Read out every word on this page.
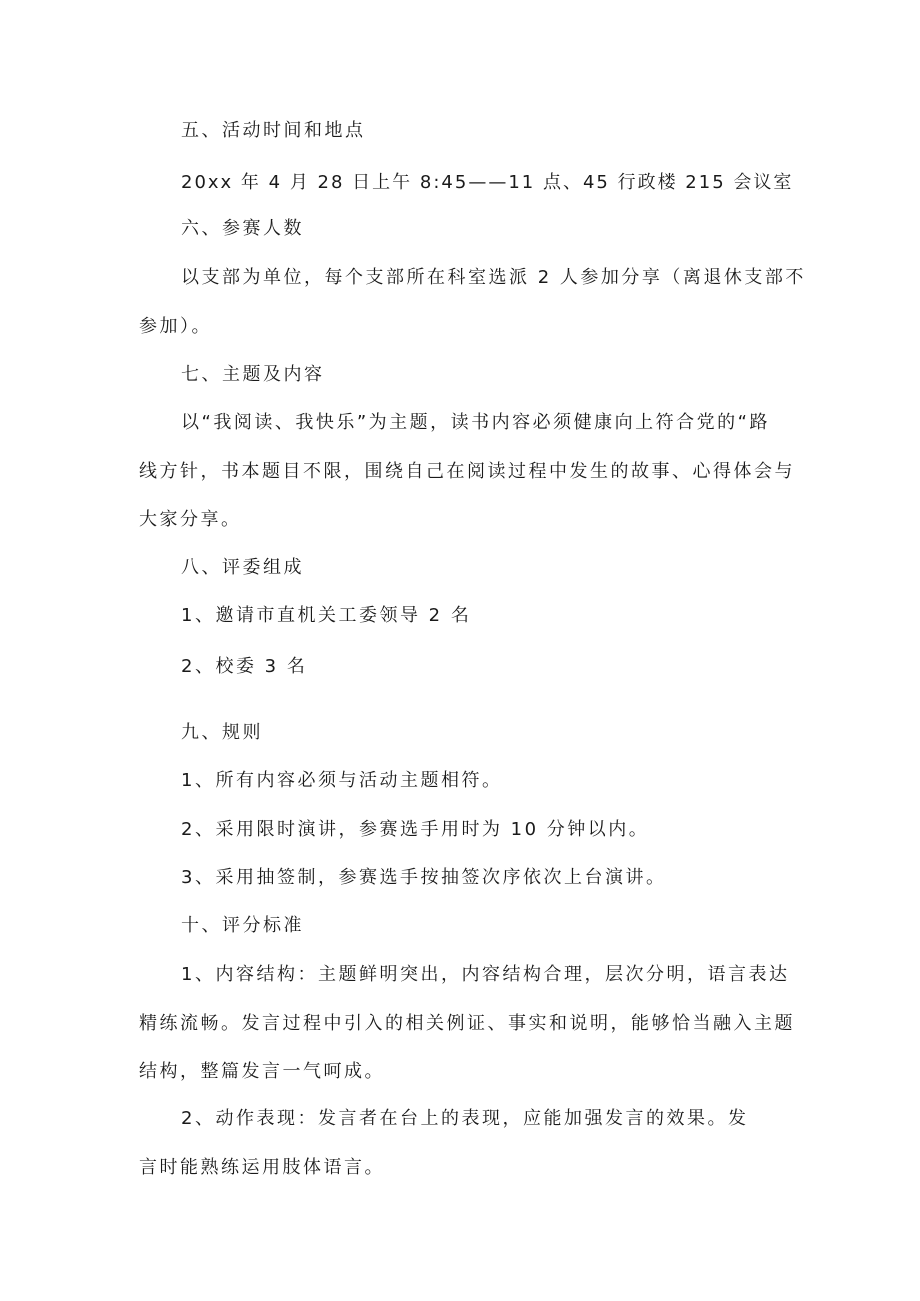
五、活动时间和地点
20xx 年 4 月 28 日上午 8:45——11 点、45 行政楼 215 会议室
六、参赛人数
以支部为单位，每个支部所在科室选派 2 人参加分享（离退休支部不
参加）。
七、主题及内容
以“我阅读、我快乐”为主题，读书内容必须健康向上符合党的“路
线方针，书本题目不限，围绕自己在阅读过程中发生的故事、心得体会与
大家分享。
八、评委组成
1、邀请市直机关工委领导 2 名
2、校委 3 名
九、规则
1、所有内容必须与活动主题相符。
2、采用限时演讲，参赛选手用时为 10 分钟以内。
3、采用抽签制，参赛选手按抽签次序依次上台演讲。
十、评分标准
1、内容结构：主题鲜明突出，内容结构合理，层次分明，语言表达
精练流畅。发言过程中引入的相关例证、事实和说明，能够恰当融入主题
结构，整篇发言一气呵成。
2、动作表现：发言者在台上的表现，应能加强发言的效果。发
言时能熟练运用肢体语言。
